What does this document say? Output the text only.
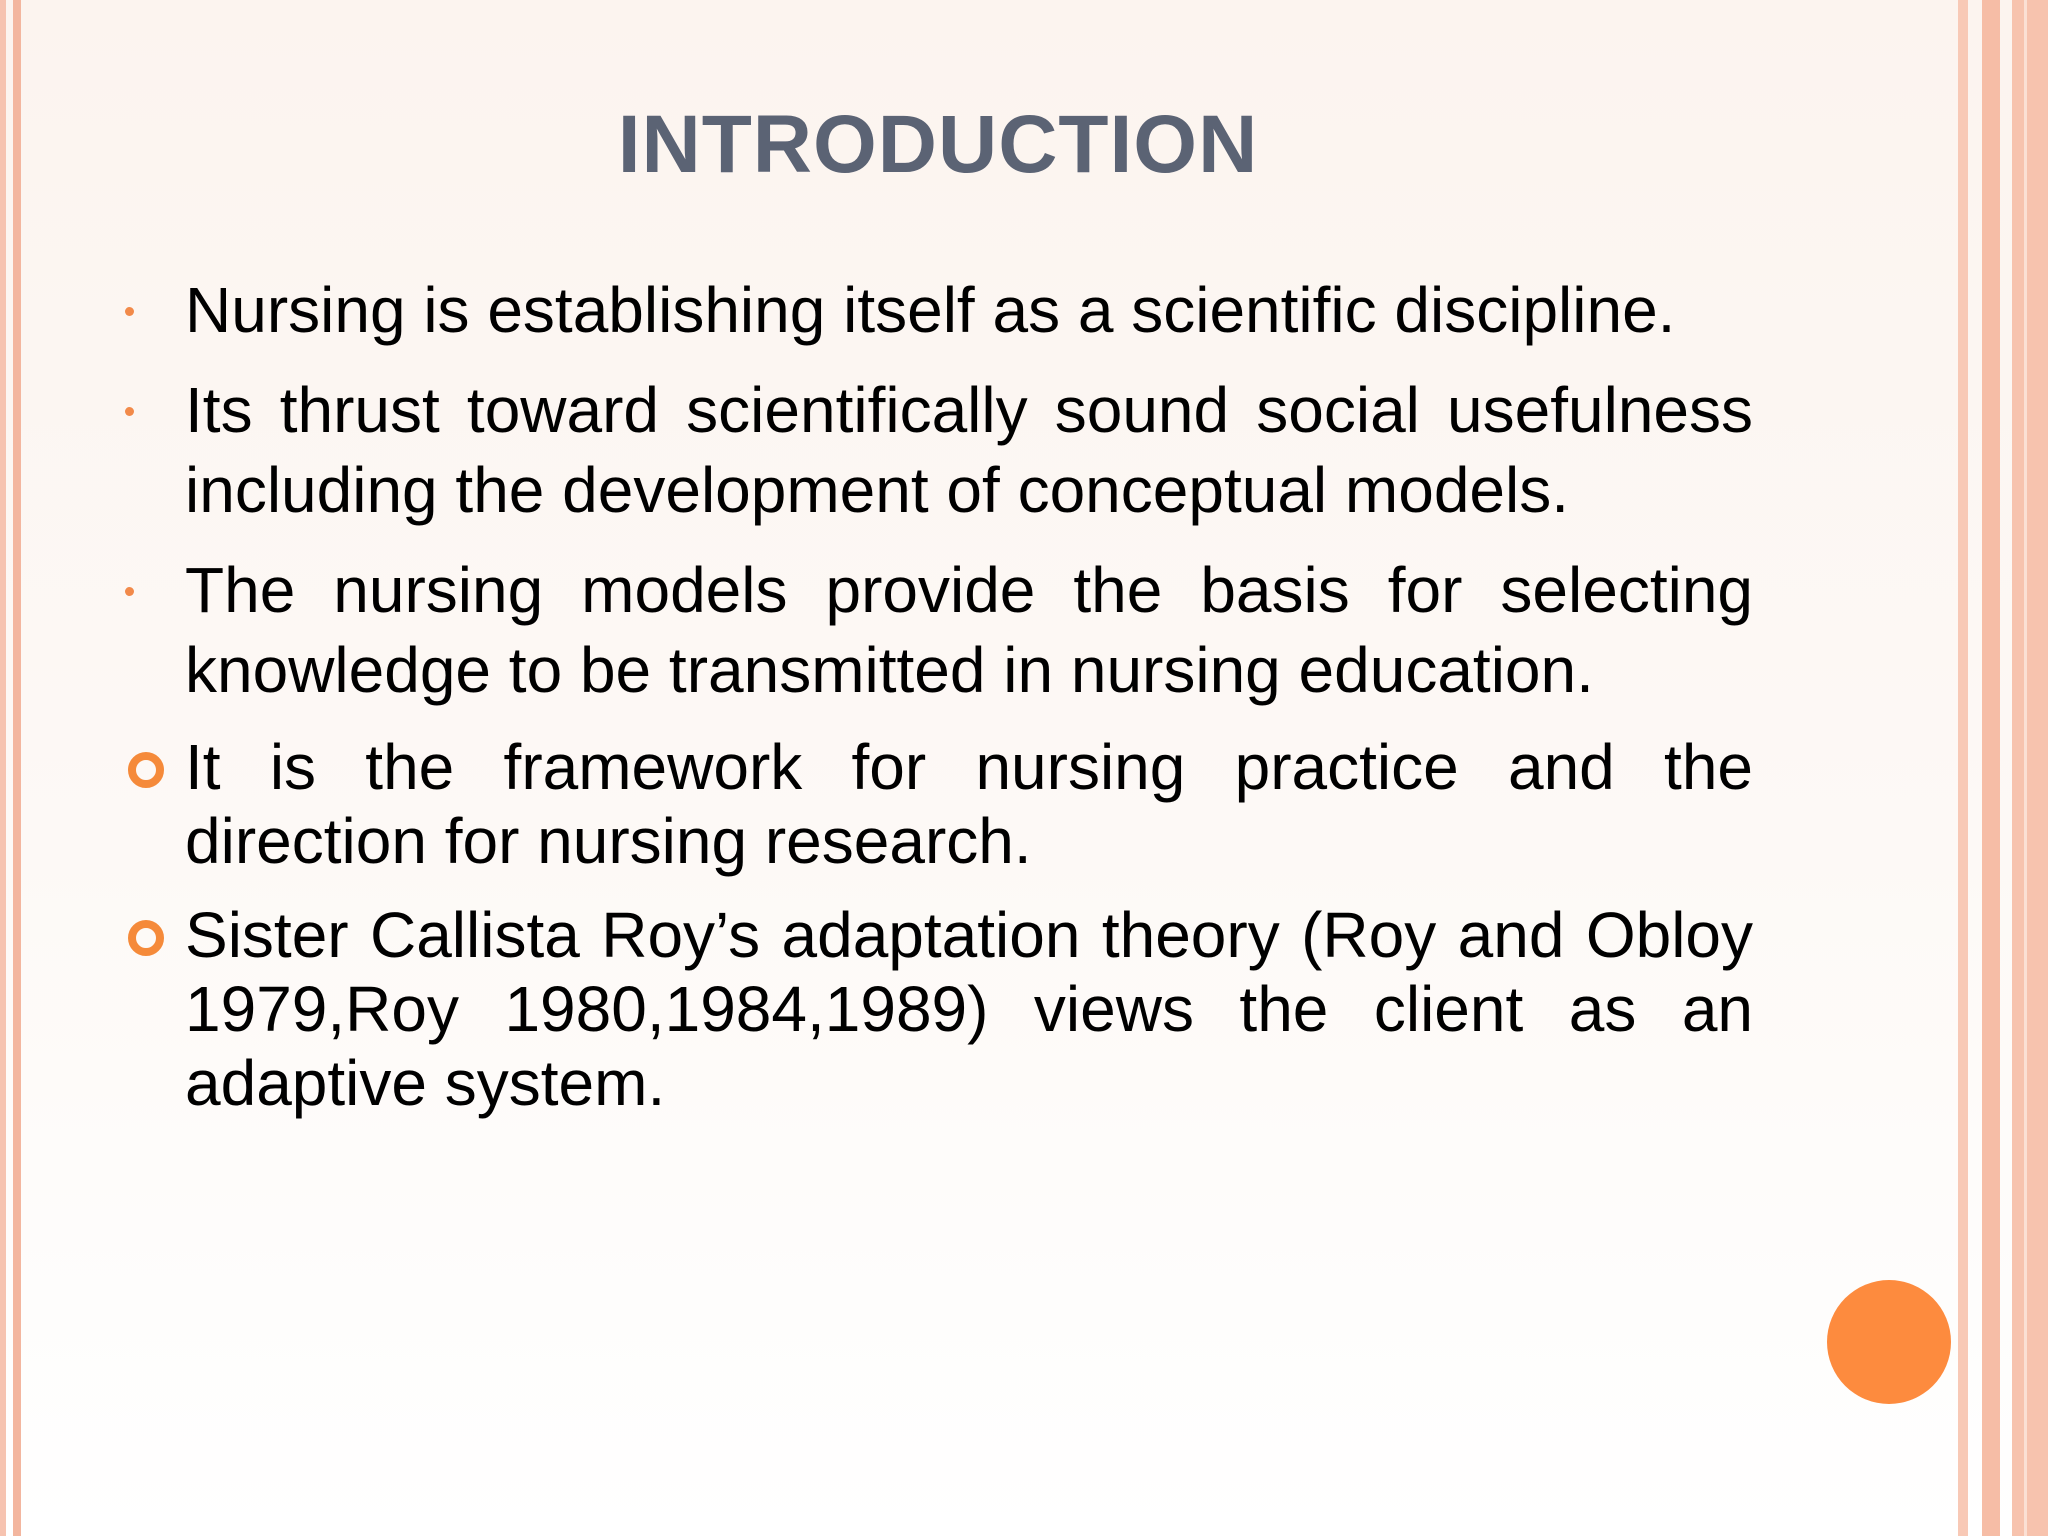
INTRODUCTION
Nursing is establishing itself as a scientific discipline.
Its thrust toward scientifically sound social usefulness including the development of conceptual models.
The nursing models provide the basis for selecting knowledge to be transmitted in nursing education.
It is the framework for nursing practice and the direction for nursing research.
Sister Callista Roy’s adaptation theory (Roy and Obloy 1979,Roy 1980,1984,1989) views the client as an adaptive system.
